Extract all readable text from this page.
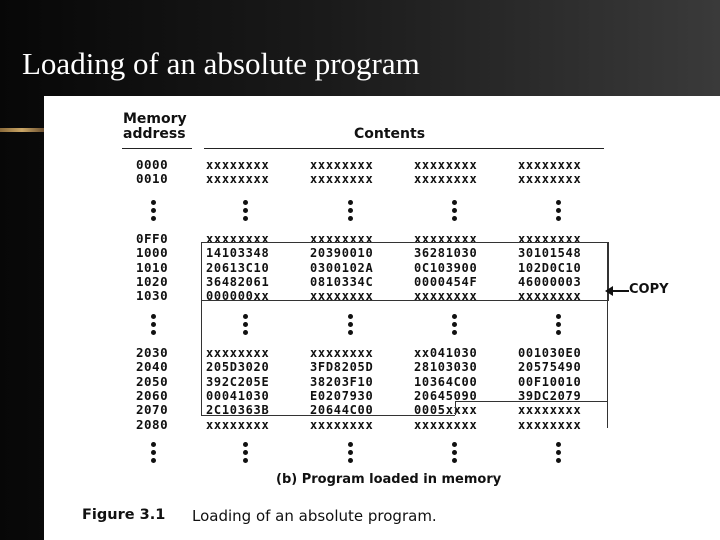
Loading of an absolute program
Memory address	Contents
0000	xxxxxxxx	xxxxxxxx	xxxxxxxx	xxxxxxxx
0010	xxxxxxxx	xxxxxxxx	xxxxxxxx	xxxxxxxx
0FF0	xxxxxxxx	xxxxxxxx	xxxxxxxx	xxxxxxxx
1000	14103348	20390010	36281030	30101548
1010	20613C10	0300102A	0C103900	102D0C10
1020	36482061	0810334C	0000454F	46000003
1030	000000xx	xxxxxxxx	xxxxxxxx	xxxxxxxx
2030	xxxxxxxx	xxxxxxxx	xx041030	001030E0
2040	205D3020	3FD8205D	28103030	20575490
2050	392C205E	38203F10	10364C00	00F10010
2060	00041030	E0207930	20645090	39DC2079
2070	2C10363B	20644C00	0005xxxx	xxxxxxxx
2080	xxxxxxxx	xxxxxxxx	xxxxxxxx	xxxxxxxx
COPY
(b) Program loaded in memory
Figure 3.1 Loading of an absolute program.
